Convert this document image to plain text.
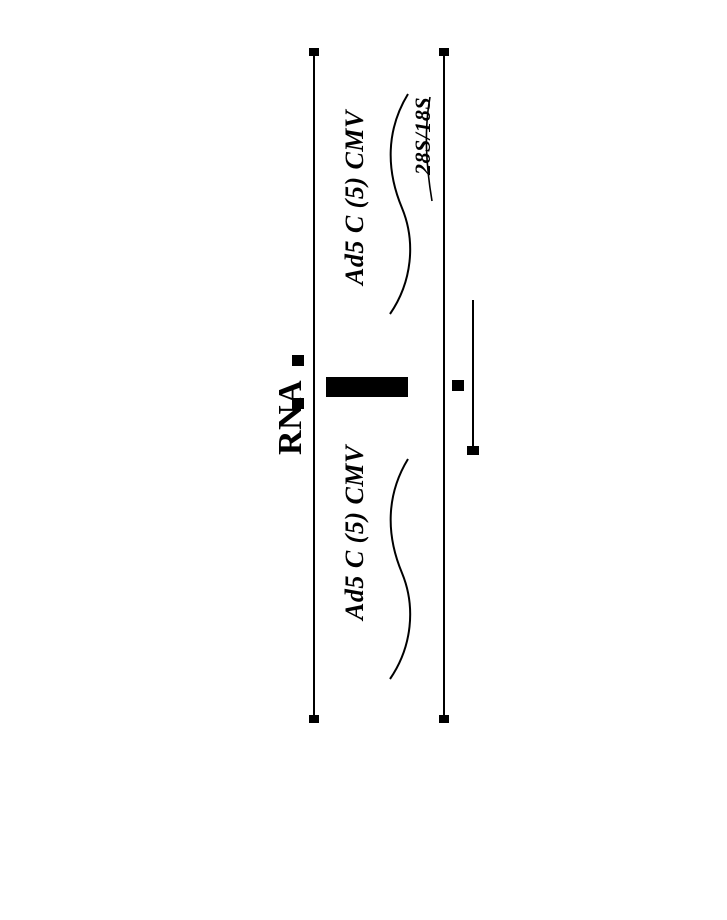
RNA
Ad5 C (5) CMV
Ad5 C (5) CMV
28S/18S
